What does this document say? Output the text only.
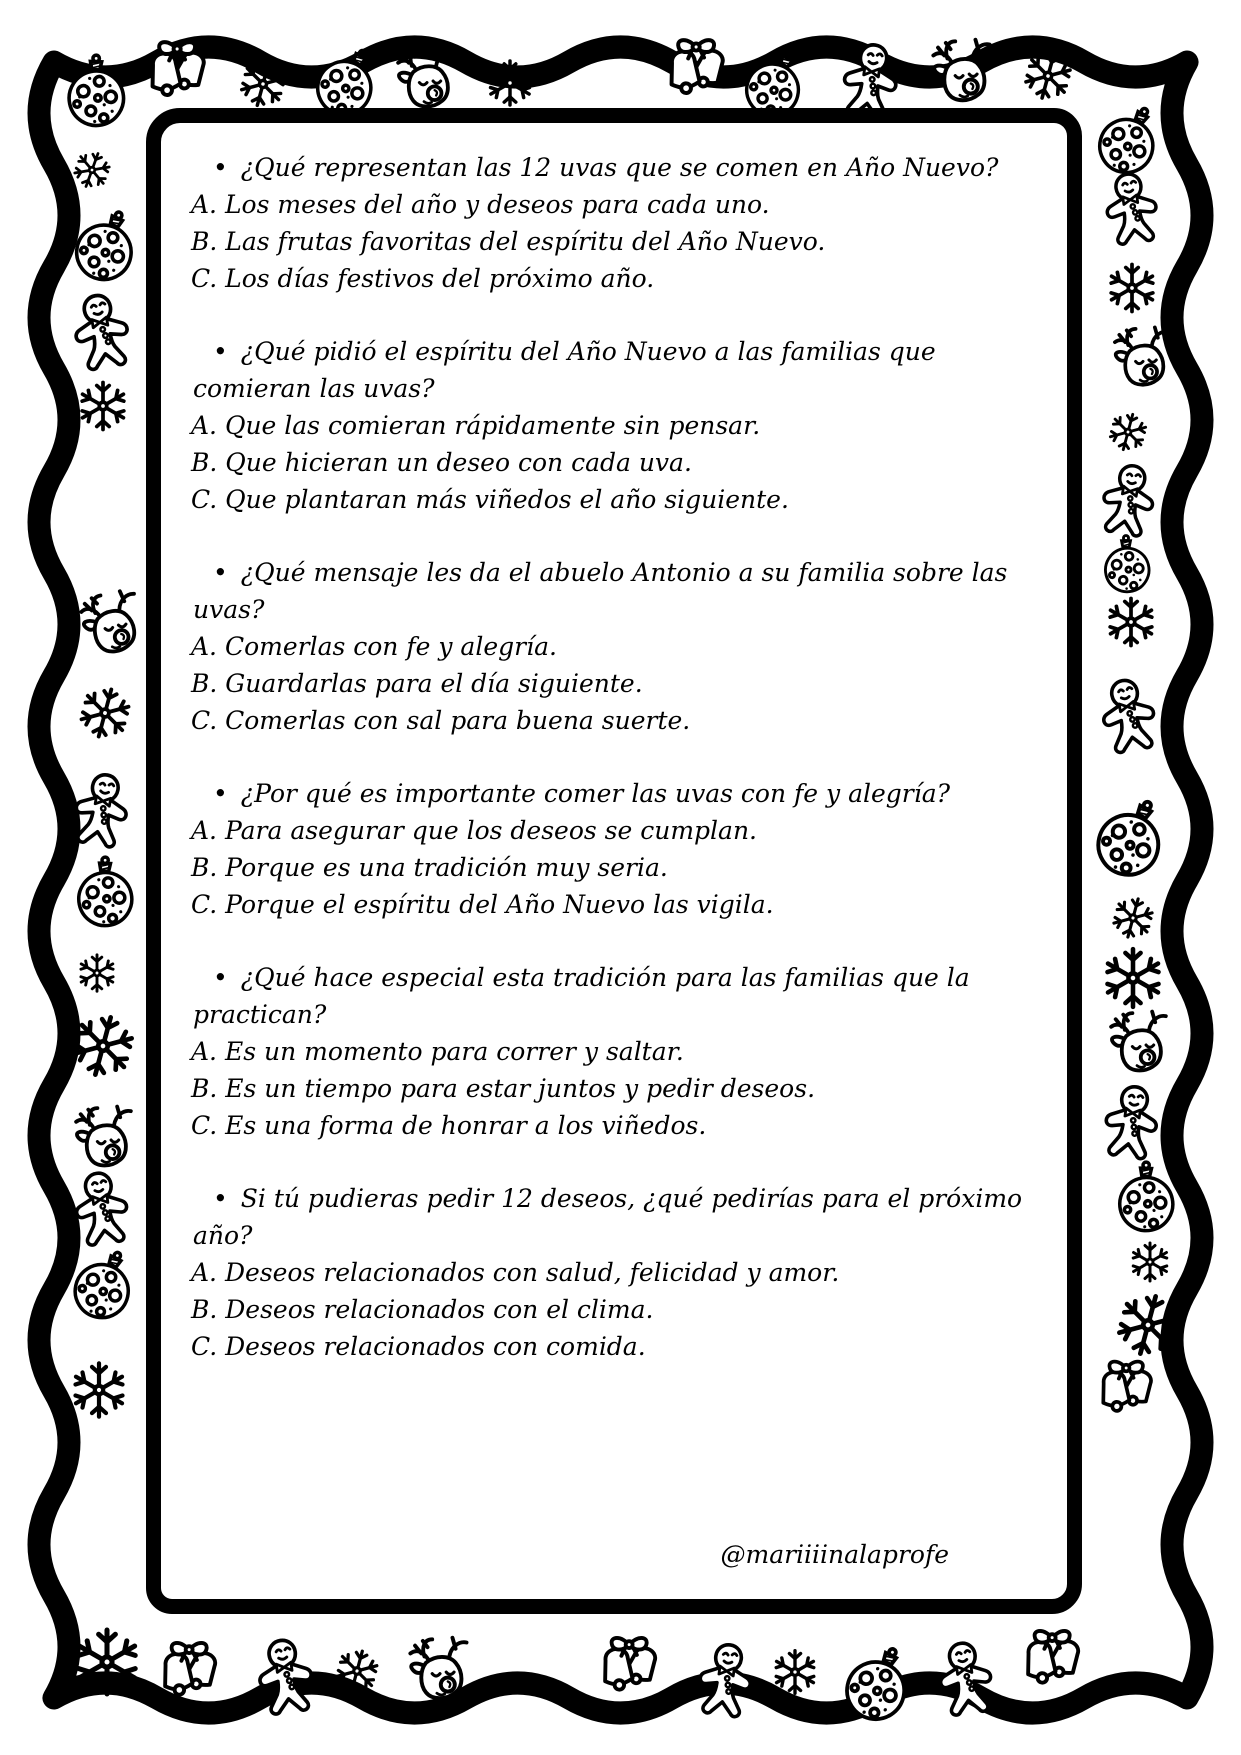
• ¿Qué representan las 12 uvas que se comen en Año Nuevo?
A. Los meses del año y deseos para cada uno.
B. Las frutas favoritas del espíritu del Año Nuevo.
C. Los días festivos del próximo año.
• ¿Qué pidió el espíritu del Año Nuevo a las familias que comieran las uvas?
A. Que las comieran rápidamente sin pensar.
B. Que hicieran un deseo con cada uva.
C. Que plantaran más viñedos el año siguiente.
• ¿Qué mensaje les da el abuelo Antonio a su familia sobre las uvas?
A. Comerlas con fe y alegría.
B. Guardarlas para el día siguiente.
C. Comerlas con sal para buena suerte.
• ¿Por qué es importante comer las uvas con fe y alegría?
A. Para asegurar que los deseos se cumplan.
B. Porque es una tradición muy seria.
C. Porque el espíritu del Año Nuevo las vigila.
• ¿Qué hace especial esta tradición para las familias que la practican?
A. Es un momento para correr y saltar.
B. Es un tiempo para estar juntos y pedir deseos.
C. Es una forma de honrar a los viñedos.
• Si tú pudieras pedir 12 deseos, ¿qué pedirías para el próximo año?
A. Deseos relacionados con salud, felicidad y amor.
B. Deseos relacionados con el clima.
C. Deseos relacionados con comida.
@mariiiinalaprofe
